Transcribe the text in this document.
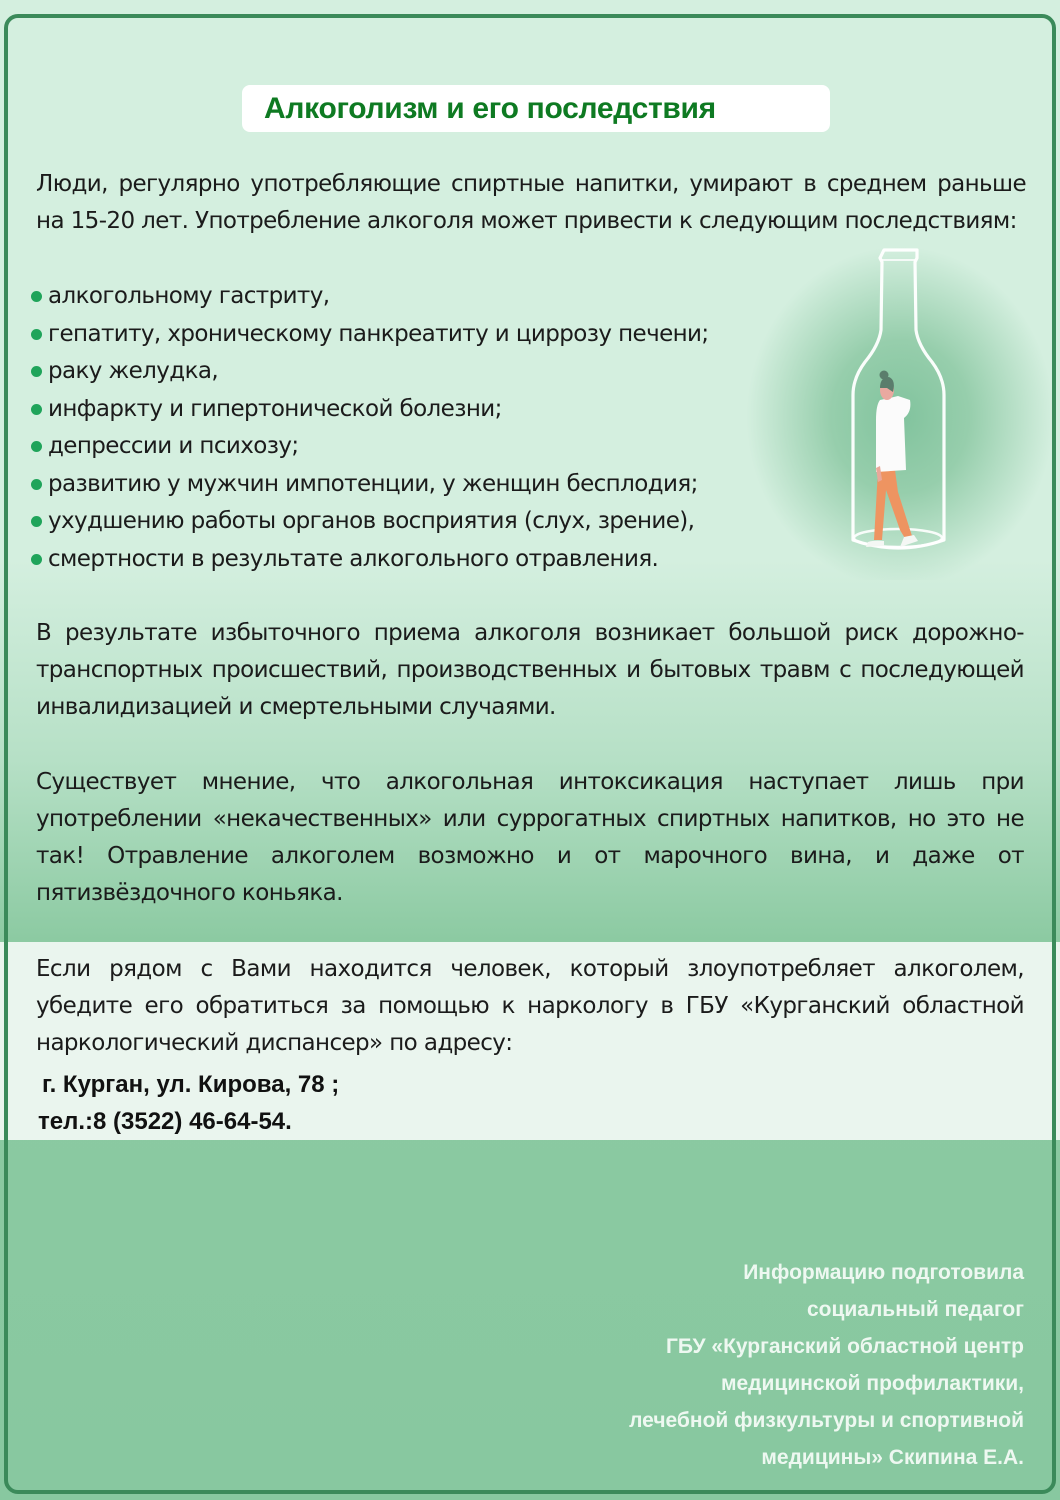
Алкоголизм и его последствия
Люди, регулярно употребляющие спиртные напитки, умирают в среднем раньше на 15-20 лет. Употребление алкоголя может привести к следующим последствиям:
алкогольному гастриту,
гепатиту, хроническому панкреатиту и циррозу печени;
раку желудка,
инфаркту и гипертонической болезни;
депрессии и психозу;
развитию у мужчин импотенции, у женщин бесплодия;
ухудшению работы органов восприятия (слух, зрение),
смертности в результате алкогольного отравления.
В результате избыточного приема алкоголя возникает большой риск дорожно-транспортных происшествий, производственных и бытовых травм с последующей инвалидизацией и смертельными случаями.
Существует мнение, что алкогольная интоксикация наступает лишь при употреблении «некачественных» или суррогатных спиртных напитков, но это не так! Отравление алкоголем возможно и от марочного вина, и даже от пятизвёздочного коньяка.
Если рядом с Вами находится человек, который злоупотребляет алкоголем, убедите его обратиться за помощью к наркологу в ГБУ «Курганский областной наркологический диспансер» по адресу:
г. Курган, ул. Кирова, 78 ;
тел.:8 (3522) 46-64-54.
Информацию подготовила
социальный педагог
ГБУ «Курганский областной центр
медицинской профилактики,
лечебной физкультуры и спортивной
медицины» Скипина Е.А.
